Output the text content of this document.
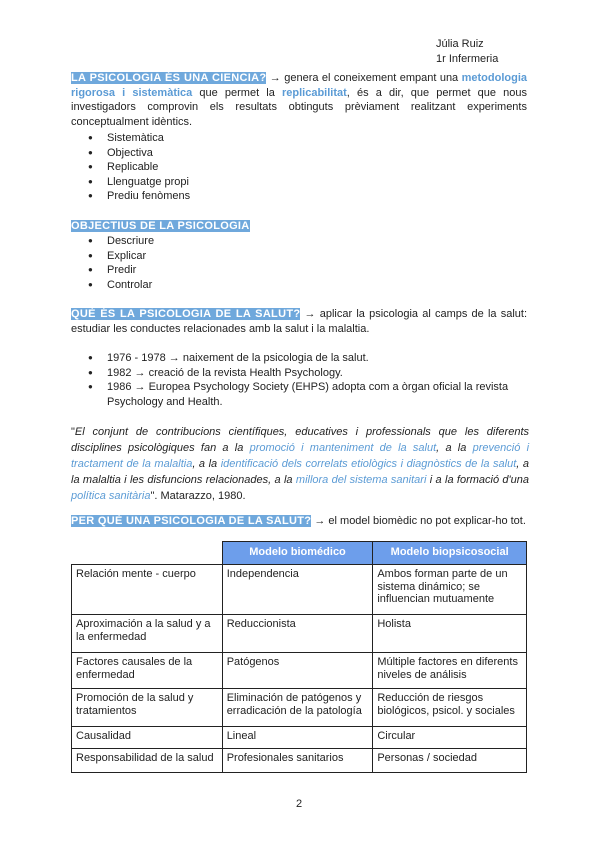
Júlia Ruiz
1r Infermeria
LA PSICOLOGIA ÉS UNA CIENCIA? → genera el coneixement empant una metodologia rigorosa i sistemàtica que permet la replicabilitat, és a dir, que permet que nous investigadors comprovin els resultats obtinguts prèviament realitzant experiments conceptualment idèntics.
● Sistemàtica
● Objectiva
● Replicable
● Llenguatge propi
● Prediu fenòmens
OBJECTIUS DE LA PSICOLOGIA
● Descriure
● Explicar
● Predir
● Controlar
QUÈ ÉS LA PSICOLOGIA DE LA SALUT? → aplicar la psicologia al camps de la salut: estudiar les conductes relacionades amb la salut i la malaltia.
● 1976 - 1978 → naixement de la psicologia de la salut.
● 1982 → creació de la revista Health Psychology.
● 1986 → Europea Psychology Society (EHPS) adopta com a òrgan oficial la revista Psychology and Health.
"El conjunt de contribucions científiques, educatives i professionals que les diferents disciplines psicològiques fan a la promoció i manteniment de la salut, a la prevenció i tractament de la malaltia, a la identificació dels correlats etiològics i diagnòstics de la salut, a la malaltia i les disfuncions relacionades, a la millora del sistema sanitari i a la formació d'una política sanitària". Matarazzo, 1980.
PER QUÈ UNA PSICOLOGIA DE LA SALUT? → el model biomèdic no pot explicar-ho tot.
	Modelo biomédico	Modelo biopsicosocial
Relación mente - cuerpo	Independencia	Ambos forman parte de un sistema dinámico; se influencian mutuamente
Aproximación a la salud y a la enfermedad	Reduccionista	Holista
Factores causales de la enfermedad	Patógenos	Múltiple factores en diferents niveles de análisis
Promoción de la salud y tratamientos	Eliminación de patógenos y erradicación de la patología	Reducción de riesgos biológicos, psicol. y sociales
Causalidad	Lineal	Circular
Responsabilidad de la salud	Profesionales sanitarios	Personas / sociedad
2
